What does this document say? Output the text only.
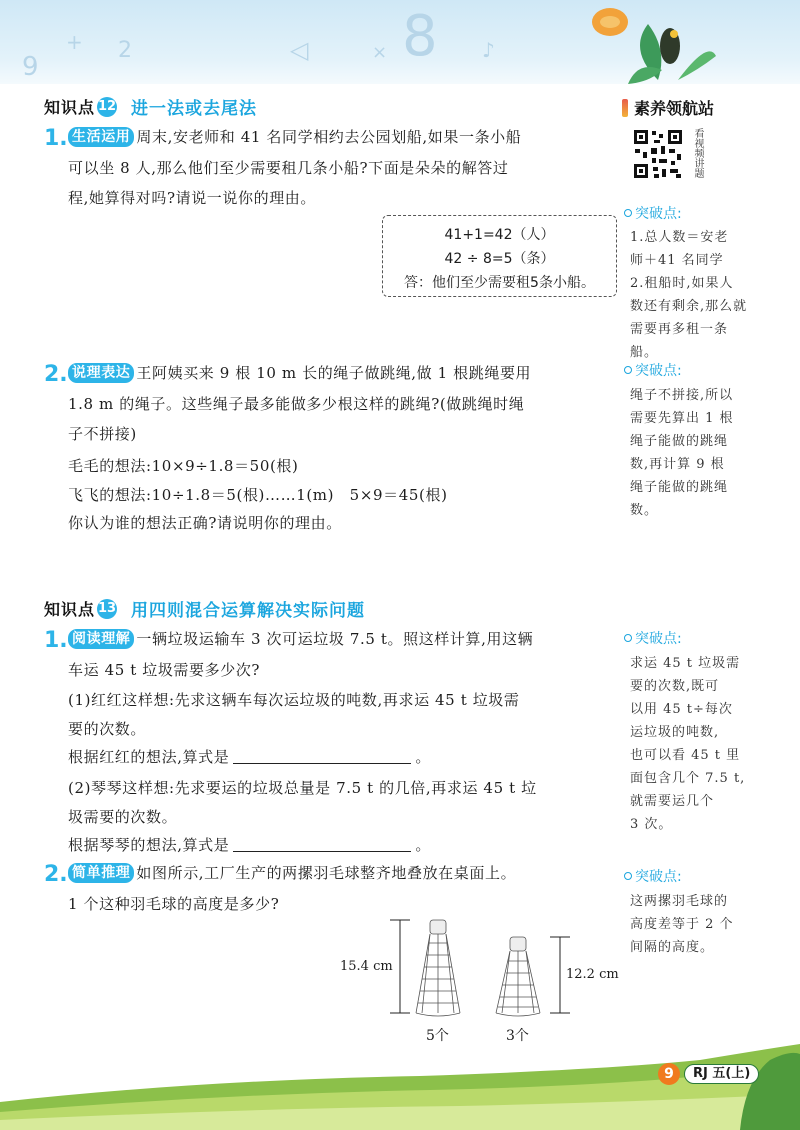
+ 2	◁	× 8 ♪
9
知识点 12 进一法或去尾法
1. 生活运用 周末,安老师和 41 名同学相约去公园划船,如果一条小船
可以坐 8 人,那么他们至少需要租几条小船?下面是朵朵的解答过
程,她算得对吗?请说一说你的理由。
41+1=42（人）
42 ÷ 8=5（条）
答：他们至少需要租5条小船。
2. 说理表达 王阿姨买来 9 根 10 m 长的绳子做跳绳,做 1 根跳绳要用
1.8 m 的绳子。这些绳子最多能做多少根这样的跳绳?(做跳绳时绳
子不拼接)
毛毛的想法:10×9÷1.8＝50(根)
飞飞的想法:10÷1.8＝5(根)……1(m)　5×9＝45(根)
你认为谁的想法正确?请说明你的理由。
知识点 13 用四则混合运算解决实际问题
1. 阅读理解 一辆垃圾运输车 3 次可运垃圾 7.5 t。照这样计算,用这辆
车运 45 t 垃圾需要多少次?
(1)红红这样想:先求这辆车每次运垃圾的吨数,再求运 45 t 垃圾需
要的次数。
根据红红的想法,算式是	。
(2)琴琴这样想:先求要运的垃圾总量是 7.5 t 的几倍,再求运 45 t 垃
圾需要的次数。
根据琴琴的想法,算式是	。
2. 简单推理 如图所示,工厂生产的两摞羽毛球整齐地叠放在桌面上。
1 个这种羽毛球的高度是多少?
15.4 cm
12.2 cm
5个	3个
素养领航站
看视频讲题
突破点:
1.总人数＝安老
师＋41 名同学
2.租船时,如果人
数还有剩余,那么就
需要再多租一条船。
突破点:
绳子不拼接,所以
需要先算出 1 根
绳子能做的跳绳
数,再计算 9 根
绳子能做的跳绳
数。
突破点:
求运 45 t 垃圾需
要的次数,既可
以用 45 t÷每次
运垃圾的吨数,
也可以看 45 t 里
面包含几个 7.5 t,
就需要运几个
3 次。
突破点:
这两摞羽毛球的
高度差等于 2 个
间隔的高度。
9	RJ 五(上)
